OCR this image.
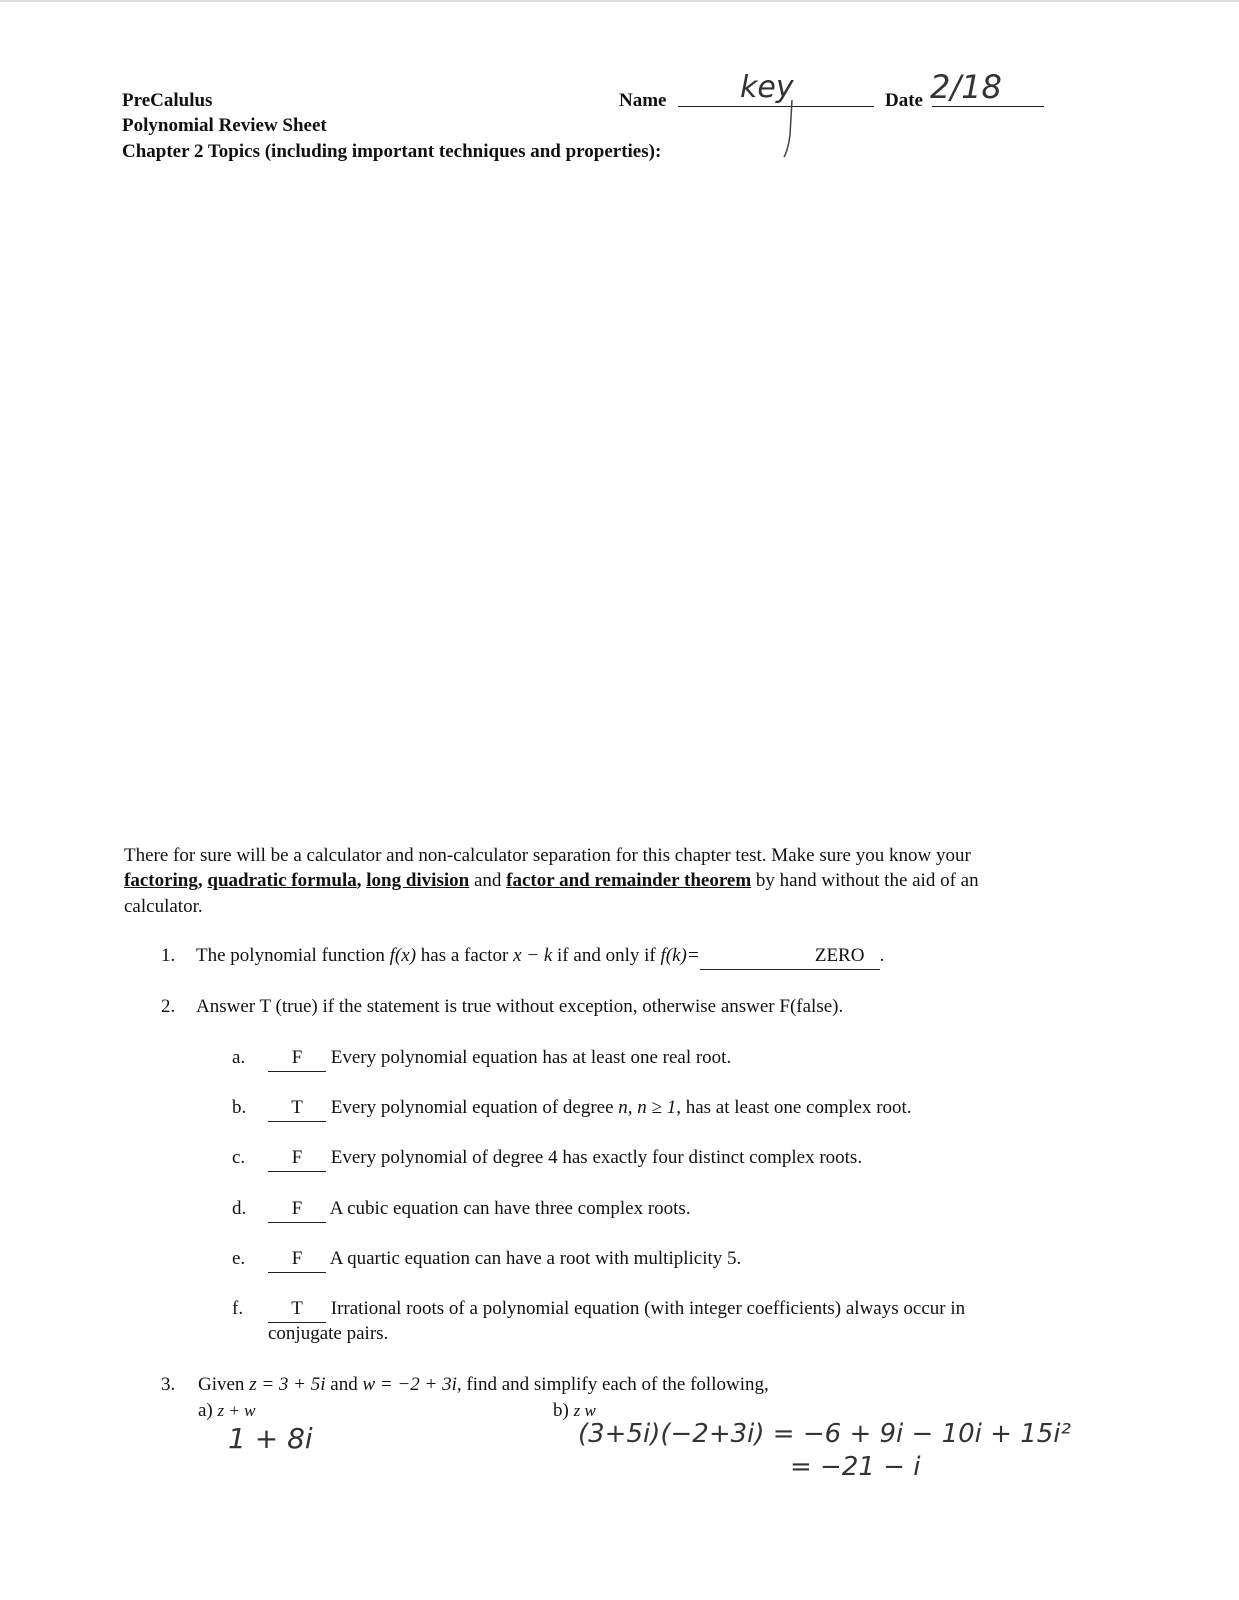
PreCalulus
Polynomial Review Sheet
Chapter 2 Topics (including important techniques and properties):
Name key	Date 2/18
There for sure will be a calculator and non-calculator separation for this chapter test. Make sure you know your
factoring, quadratic formula, long division and factor and remainder theorem by hand without the aid of an
calculator.
1. The polynomial function f(x) has a factor x − k if and only if f(k)=	ZERO .
2. Answer T (true) if the statement is true without exception, otherwise answer F(false).
a.	F Every polynomial equation has at least one real root.
b.	T Every polynomial equation of degree n, n ≥ 1, has at least one complex root.
c.	F Every polynomial of degree 4 has exactly four distinct complex roots.
d.	F A cubic equation can have three complex roots.
e.	F A quartic equation can have a root with multiplicity 5.
f.	T Irrational roots of a polynomial equation (with integer coefficients) always occur in
conjugate pairs.
3. Given z = 3 + 5i and w = −2 + 3i, find and simplify each of the following,
a) z + w
1 + 8i
b) z w
(3+5i)(−2+3i) = −6 + 9i − 10i + 15i²
= −21 − i
